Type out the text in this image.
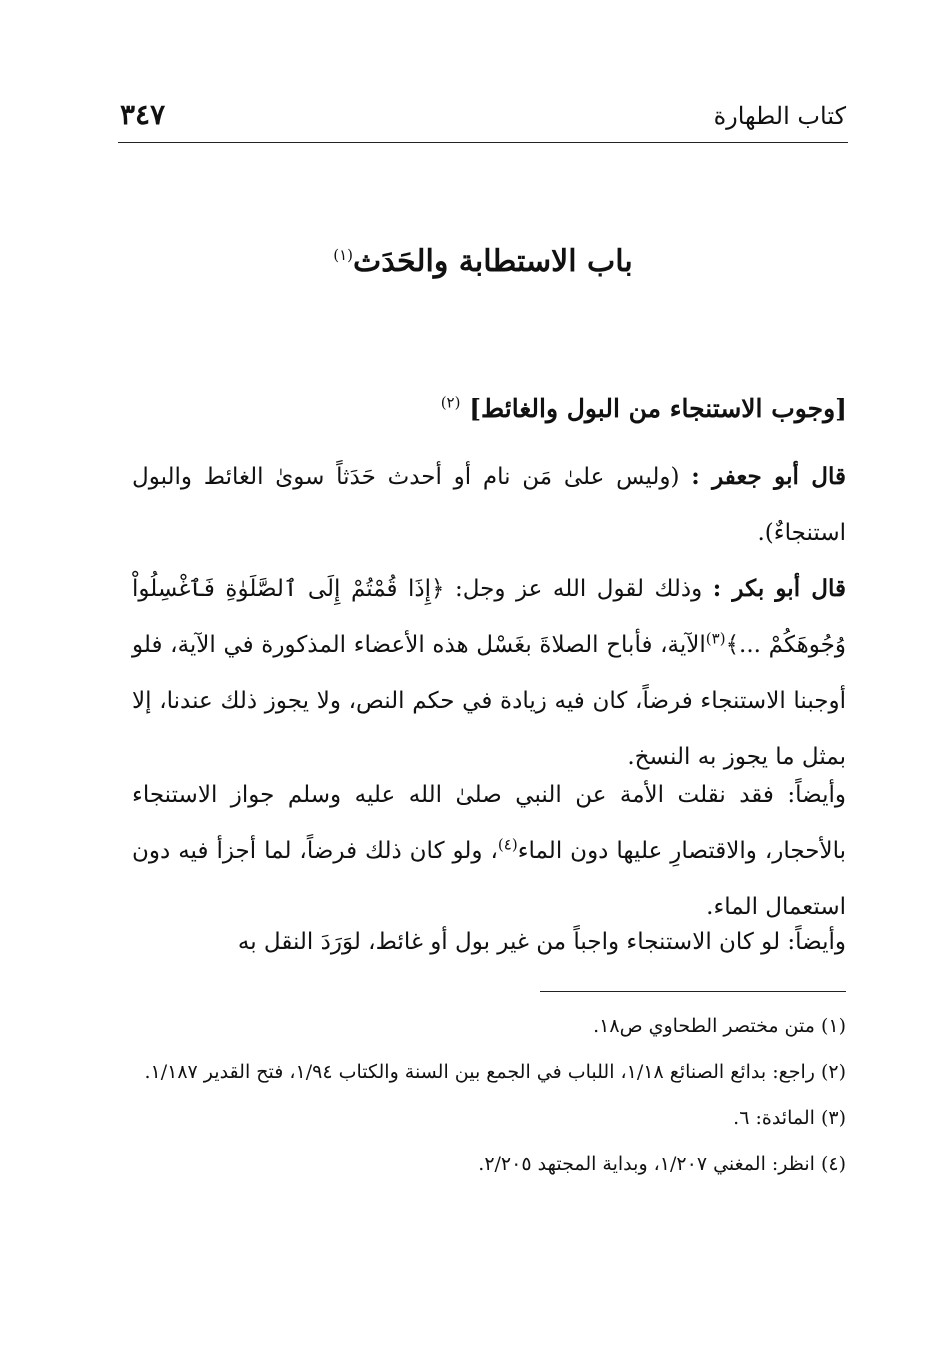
كتاب الطهارة
٣٤٧
باب الاستطابة والحَدَث$^{(١)}$
[وجوب الاستنجاء من البول والغائط] $^{(٢)}$
قال أبو جعفر : (وليس علىٰ مَن نام أو أحدث حَدَثاً سوىٰ الغائط والبول استنجاءٌ).
قال أبو بكر : وذلك لقول الله عز وجل: ﴿إِذَا قُمْتُمْ إِلَى ٱلصَّلَوٰةِ فَٱغْسِلُواْ وُجُوهَكُمْ ...﴾$^{(٣)}$الآية، فأباح الصلاةَ بغَسْل هذه الأعضاء المذكورة في الآية، فلو أوجبنا الاستنجاء فرضاً، كان فيه زيادة في حكم النص، ولا يجوز ذلك عندنا، إلا بمثل ما يجوز به النسخ.
وأيضاً: فقد نقلت الأمة عن النبي صلىٰ الله عليه وسلم جواز الاستنجاء بالأحجار، والاقتصارِ عليها دون الماء$^{(٤)}$، ولو كان ذلك فرضاً، لما أجزأ فيه دون استعمال الماء.
وأيضاً: لو كان الاستنجاء واجباً من غير بول أو غائط، لوَرَدَ النقل به
(١)متن مختصر الطحاوي ص١٨.
(٢)راجع: بدائع الصنائع ١/١٨، اللباب في الجمع بين السنة والكتاب ١/٩٤، فتح القدير ١/١٨٧.
(٣)المائدة: ٦.
(٤)انظر: المغني ١/٢٠٧، وبداية المجتهد ٢/٢٠٥.
